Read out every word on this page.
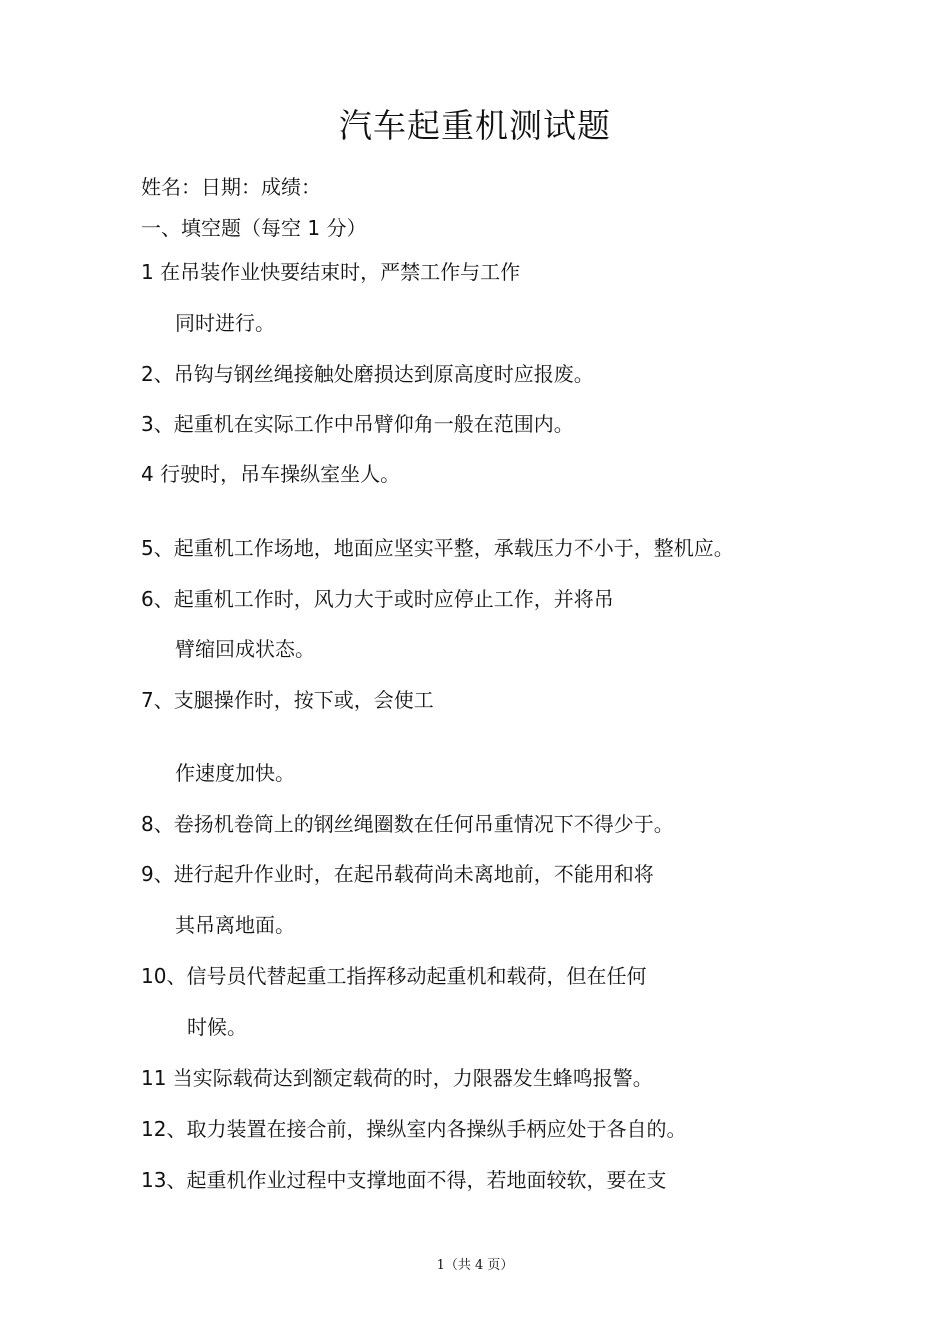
汽车起重机测试题
姓名：日期：成绩：
一、填空题（每空 1 分）
1 在吊装作业快要结束时，严禁工作与工作
同时进行。
2、吊钩与钢丝绳接触处磨损达到原高度时应报废。
3、起重机在实际工作中吊臂仰角一般在范围内。
4 行驶时，吊车操纵室坐人。
5、起重机工作场地，地面应坚实平整，承载压力不小于，整机应。
6、起重机工作时，风力大于或时应停止工作，并将吊
臂缩回成状态。
7、支腿操作时，按下或，会使工
作速度加快。
8、卷扬机卷筒上的钢丝绳圈数在任何吊重情况下不得少于。
9、进行起升作业时，在起吊载荷尚未离地前，不能用和将
其吊离地面。
10、信号员代替起重工指挥移动起重机和载荷，但在任何
时候。
11 当实际载荷达到额定载荷的时，力限器发生蜂鸣报警。
12、取力装置在接合前，操纵室内各操纵手柄应处于各自的。
13、起重机作业过程中支撑地面不得，若地面较软，要在支
1（共 4 页）
